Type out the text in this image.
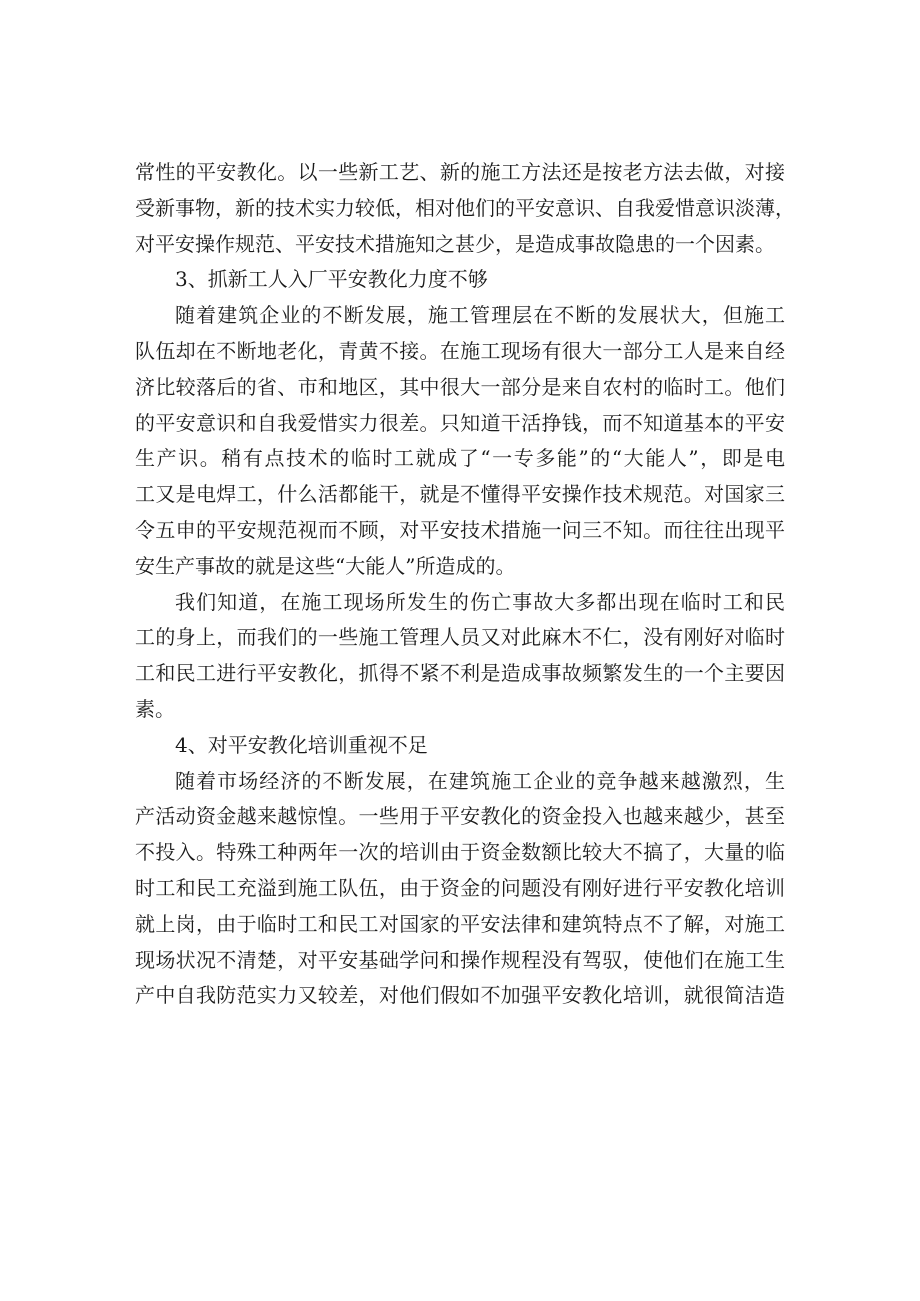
常性的平安教化。以一些新工艺、新的施工方法还是按老方法去做，对接
受新事物，新的技术实力较低，相对他们的平安意识、自我爱惜意识淡薄，
对平安操作规范、平安技术措施知之甚少，是造成事故隐患的一个因素。
3、抓新工人入厂平安教化力度不够
随着建筑企业的不断发展，施工管理层在不断的发展状大，但施工
队伍却在不断地老化，青黄不接。在施工现场有很大一部分工人是来自经
济比较落后的省、市和地区，其中很大一部分是来自农村的临时工。他们
的平安意识和自我爱惜实力很差。只知道干活挣钱，而不知道基本的平安
生产识。稍有点技术的临时工就成了“一专多能”的“大能人”，即是电
工又是电焊工，什么活都能干，就是不懂得平安操作技术规范。对国家三
令五申的平安规范视而不顾，对平安技术措施一问三不知。而往往出现平
安生产事故的就是这些“大能人”所造成的。
我们知道，在施工现场所发生的伤亡事故大多都出现在临时工和民
工的身上，而我们的一些施工管理人员又对此麻木不仁，没有刚好对临时
工和民工进行平安教化，抓得不紧不利是造成事故频繁发生的一个主要因
素。
4、对平安教化培训重视不足
随着市场经济的不断发展，在建筑施工企业的竞争越来越激烈，生
产活动资金越来越惊惶。一些用于平安教化的资金投入也越来越少，甚至
不投入。特殊工种两年一次的培训由于资金数额比较大不搞了，大量的临
时工和民工充溢到施工队伍，由于资金的问题没有刚好进行平安教化培训
就上岗，由于临时工和民工对国家的平安法律和建筑特点不了解，对施工
现场状况不清楚，对平安基础学问和操作规程没有驾驭，使他们在施工生
产中自我防范实力又较差，对他们假如不加强平安教化培训，就很简洁造
